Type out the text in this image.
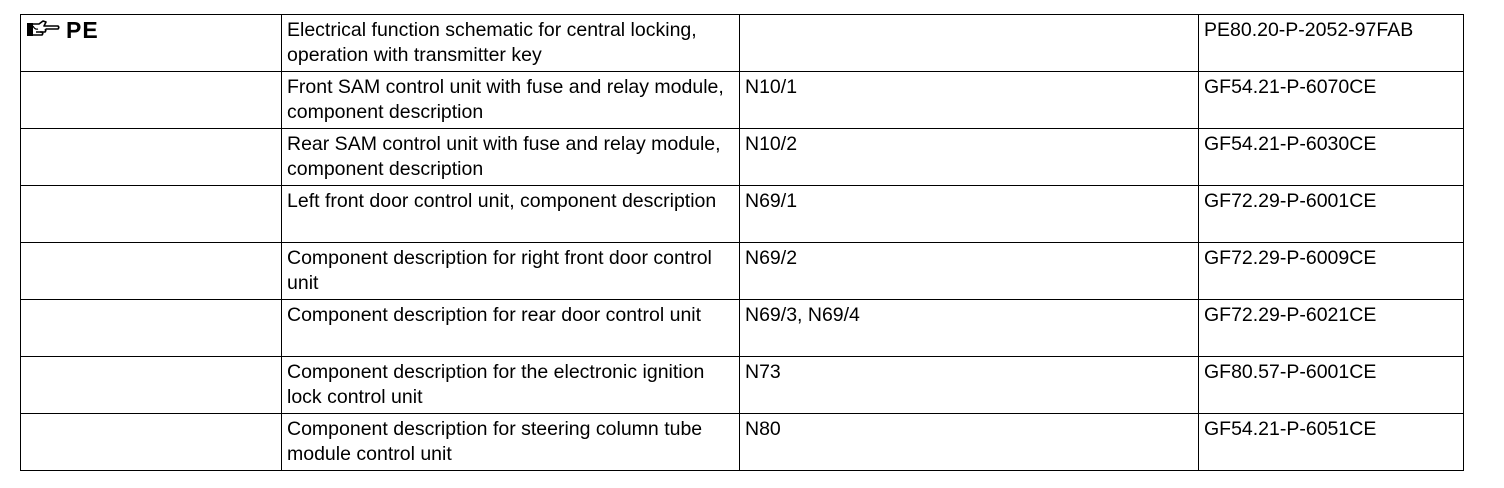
PE	Electrical function schematic for central locking, operation with transmitter key		PE80.20-P-2052-97FAB
	Front SAM control unit with fuse and relay module, component description	N10/1	GF54.21-P-6070CE
	Rear SAM control unit with fuse and relay module, component description	N10/2	GF54.21-P-6030CE
	Left front door control unit, component description	N69/1	GF72.29-P-6001CE
	Component description for right front door control unit	N69/2	GF72.29-P-6009CE
	Component description for rear door control unit	N69/3, N69/4	GF72.29-P-6021CE
	Component description for the electronic ignition lock control unit	N73	GF80.57-P-6001CE
	Component description for steering column tube module control unit	N80	GF54.21-P-6051CE
